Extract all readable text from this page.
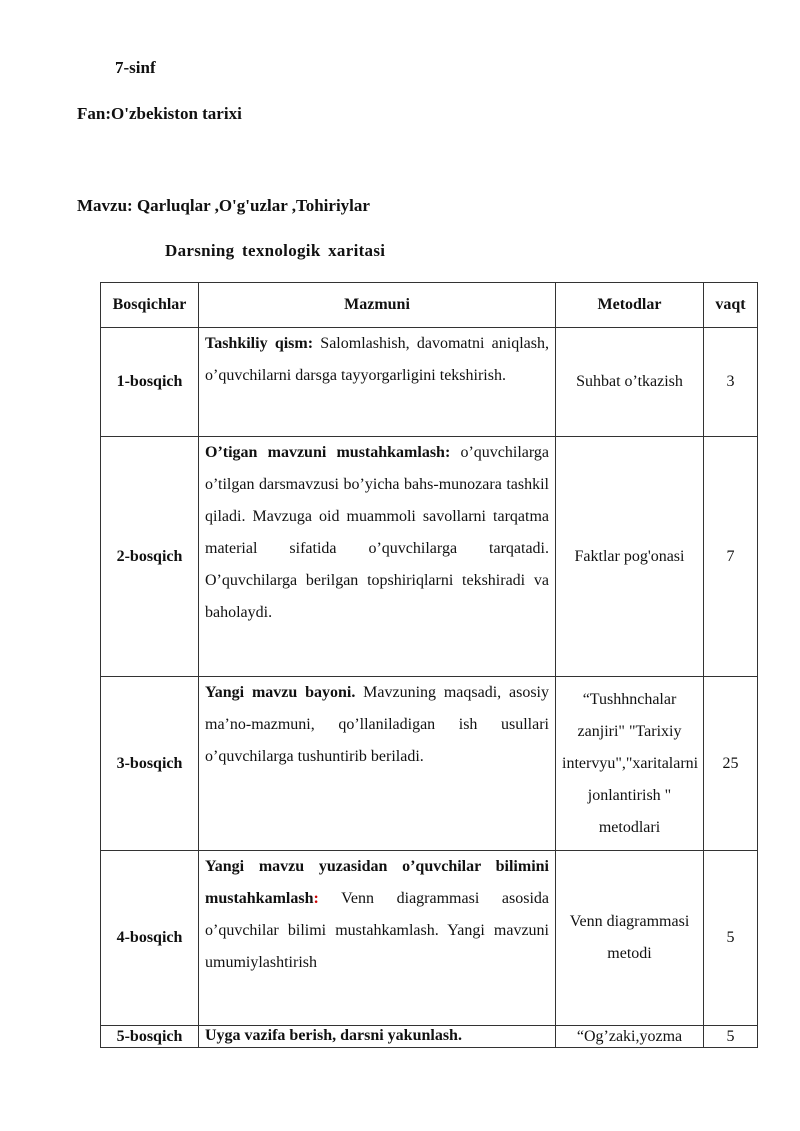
7-sinf
Fan:O'zbekiston tarixi
Mavzu: Qarluqlar ,O'g'uzlar ,Tohiriylar
Darsning texnologik xaritasi
Bosqichlar	Mazmuni	Metodlar	vaqt
1-bosqich	Tashkiliy qism: Salomlashish, davomatni aniqlash, o’quvchilarni darsga tayyorgarligini tekshirish.	Suhbat o’tkazish	3
2-bosqich	O’tigan mavzuni mustahkamlash: o’quvchilarga o’tilgan darsmavzusi bo’yicha bahs-munozara tashkil qiladi. Mavzuga oid muammoli savollarni tarqatma material sifatida o’quvchilarga tarqatadi. O’quvchilarga berilgan topshiriqlarni tekshiradi va baholaydi.	Faktlar pog'onasi	7
3-bosqich	Yangi mavzu bayoni. Mavzuning maqsadi, asosiy ma’no-mazmuni, qo’llaniladigan ish usullari o’quvchilarga tushuntirib beriladi.	“Tushhnchalar zanjiri" "Tarixiy intervyu","xaritalarni jonlantirish " metodlari	25
4-bosqich	Yangi mavzu yuzasidan o’quvchilar bilimini mustahkamlash: Venn diagrammasi asosida o’quvchilar bilimi mustahkamlash. Yangi mavzuni umumiylashtirish	Venn diagrammasi metodi	5
5-bosqich	Uyga vazifa berish, darsni yakunlash.	“Og’zaki,yozma	5
